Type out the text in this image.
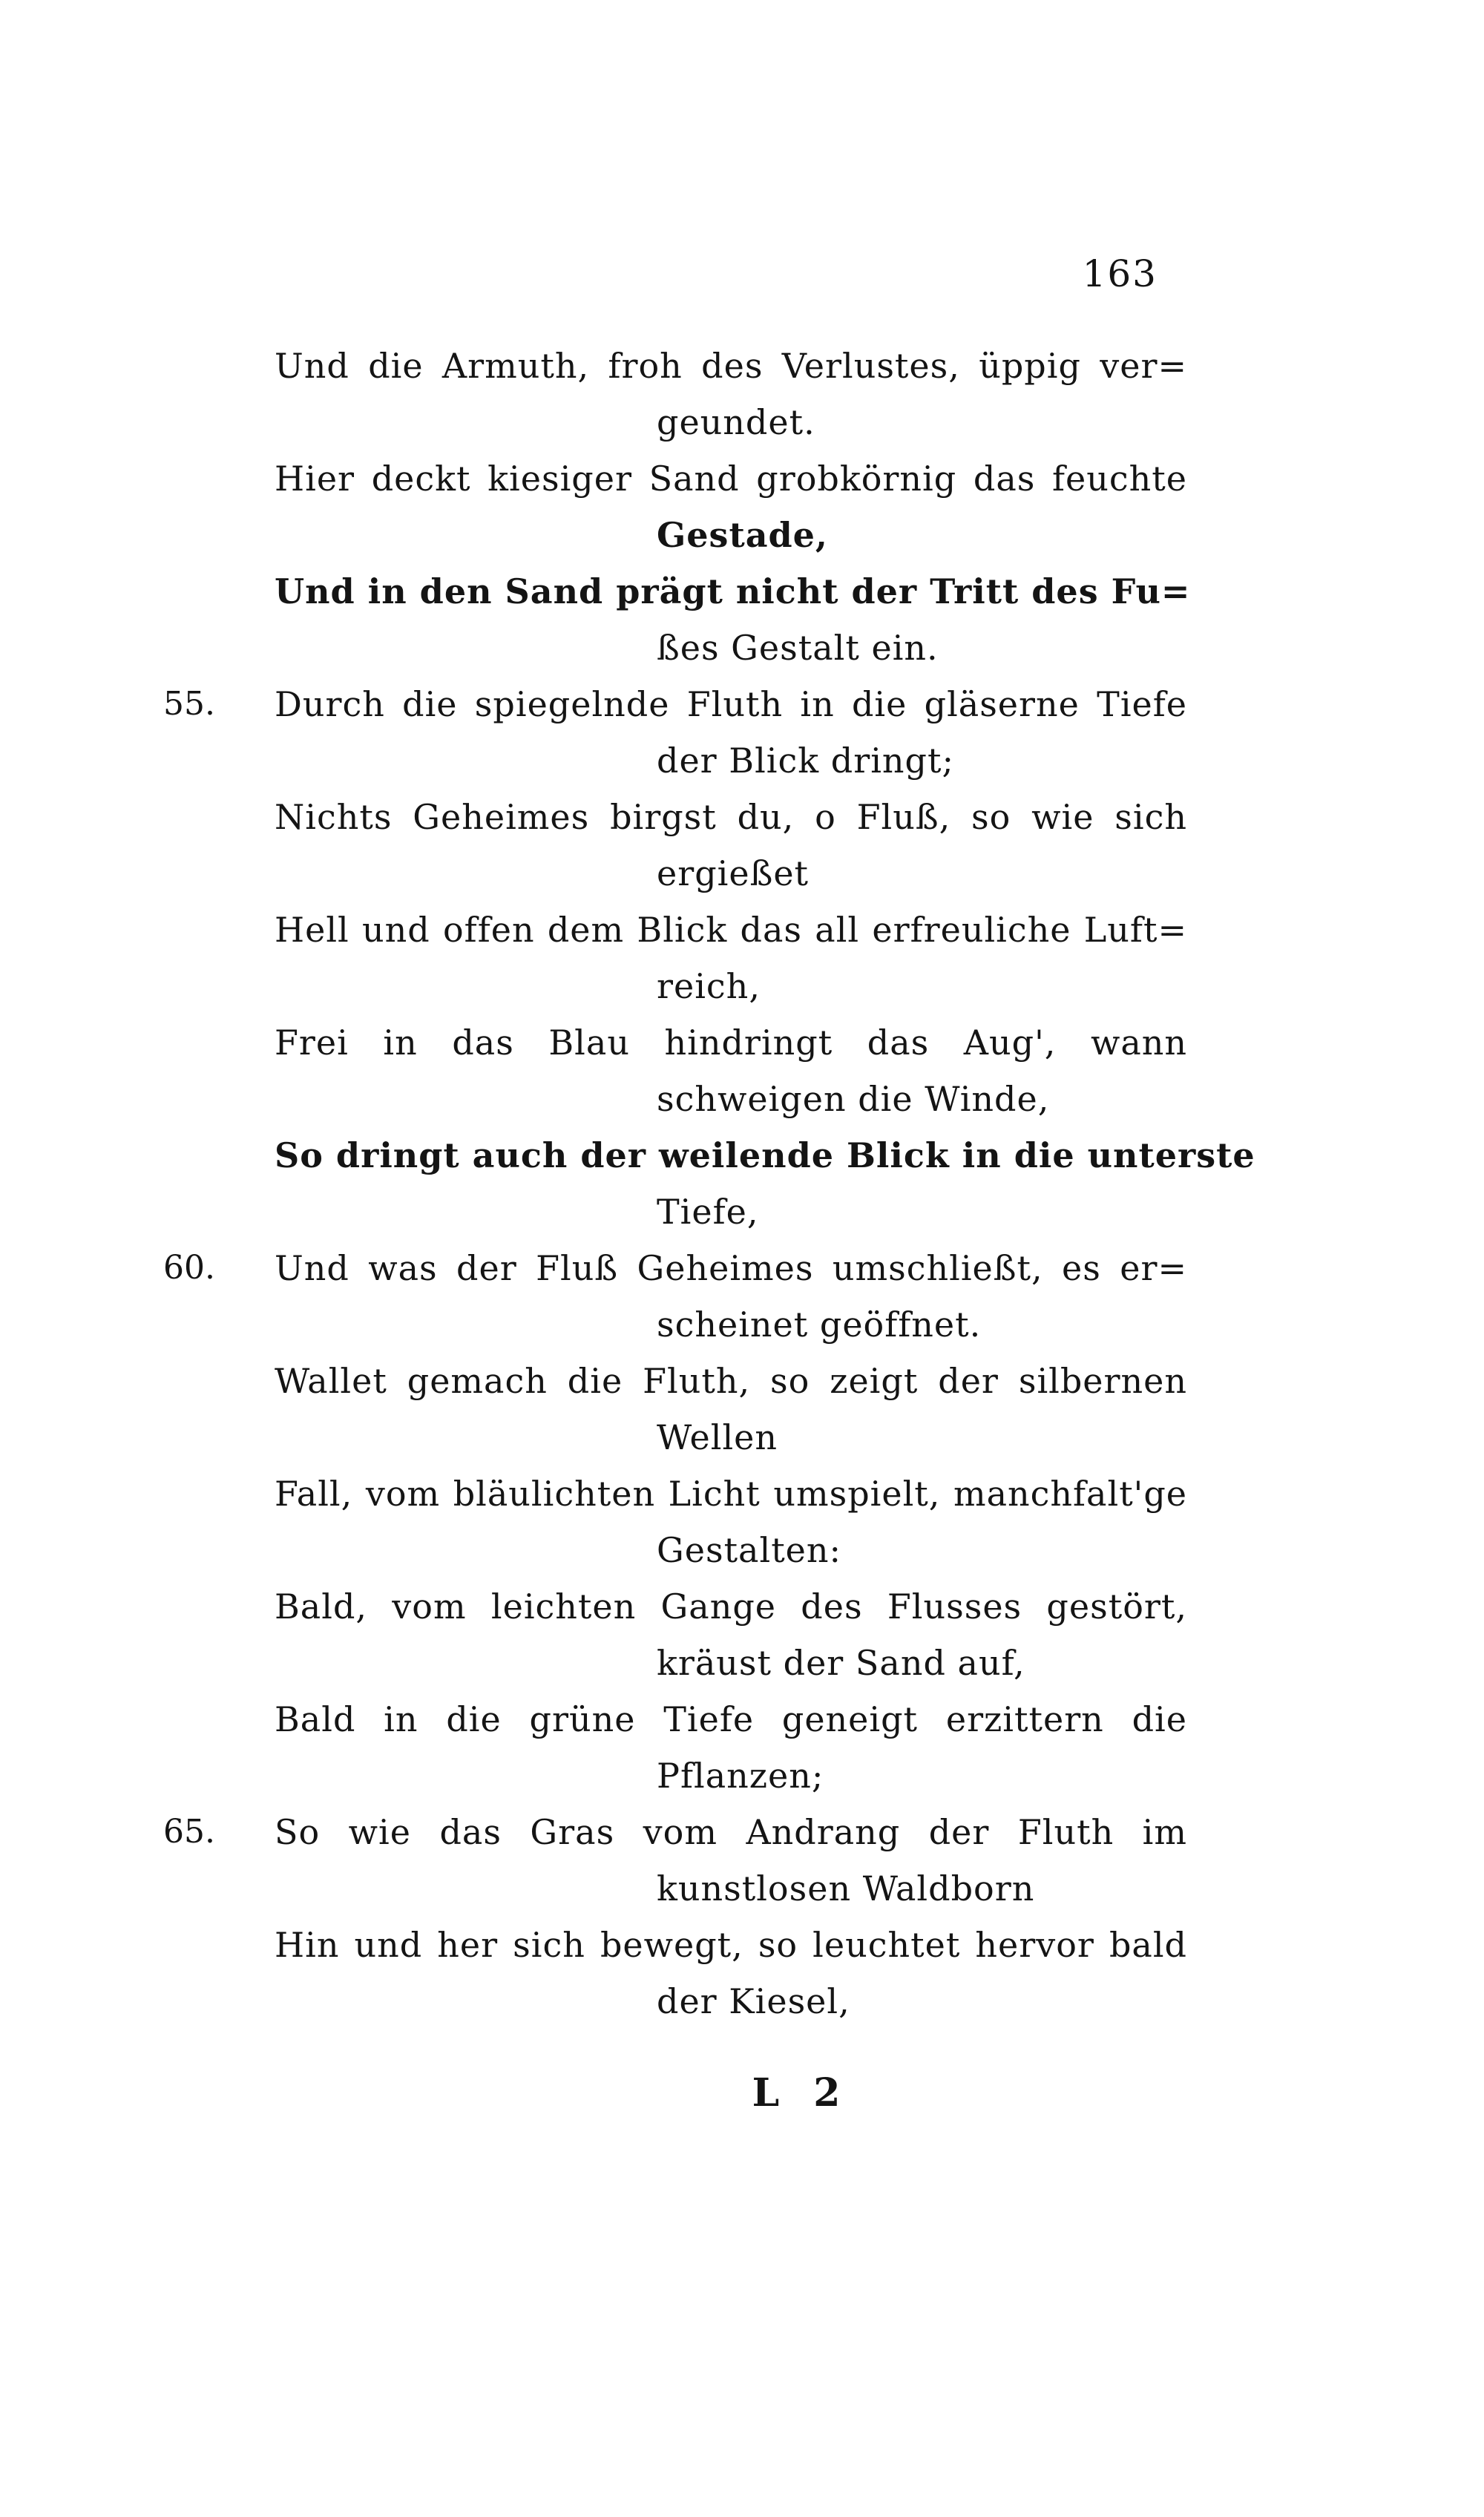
163
Und die Armuth, froh des Verlustes, üppig ver=
geundet.
Hier deckt kiesiger Sand grobkörnig das feuchte
Gestade,
Und in den Sand prägt nicht der Tritt des Fu=
ßes Gestalt ein.
55.	Durch die spiegelnde Fluth in die gläserne Tiefe
der Blick dringt;
Nichts Geheimes birgst du, o Fluß, so wie sich
ergießet
Hell und offen dem Blick das all erfreuliche Luft=
reich,
Frei in das Blau hindringt das Aug', wann
schweigen die Winde,
So dringt auch der weilende Blick in die unterste
Tiefe,
60.	Und was der Fluß Geheimes umschließt, es er=
scheinet geöffnet.
Wallet gemach die Fluth, so zeigt der silbernen
Wellen
Fall, vom bläulichten Licht umspielt, manchfalt'ge
Gestalten:
Bald, vom leichten Gange des Flusses gestört,
kräust der Sand auf,
Bald in die grüne Tiefe geneigt erzittern die
Pflanzen;
65.	So wie das Gras vom Andrang der Fluth im
kunstlosen Waldborn
Hin und her sich bewegt, so leuchtet hervor bald
der Kiesel,
L 2
